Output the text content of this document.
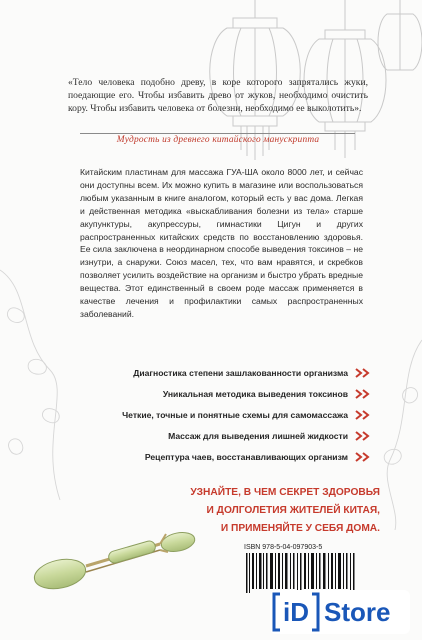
«Тело человека подобно древу, в коре которого запрятались жуки, поедающие его. Чтобы избавить древо от жуков, необходимо очистить кору. Чтобы избавить человека от болезни, необходимо ее выколотить».

Мудрость из древнего китайского манускрипта

Китайским пластинам для массажа ГУА-ША около 8000 лет, и сейчас они доступны всем. Их можно купить в магазине или воспользоваться любым указанным в книге аналогом, который есть у вас дома. Легкая и действенная методика «выскабливания болезни из тела» старше акупунктуры, акупрессуры, гимнастики Цигун и других распространенных китайских средств по восстановлению здоровья. Ее сила заключена в неординарном способе выведения токсинов – не изнутри, а снаружи. Союз масел, тех, что вам нравятся, и скребков позволяет усилить воздействие на организм и быстро убрать вредные вещества. Этот единственный в своем роде массаж применяется в качестве лечения и профилактики самых распространенных заболеваний.

Диагностика степени зашлакованности организма
Уникальная методика выведения токсинов
Четкие, точные и понятные схемы для самомассажа
Массаж для выведения лишней жидкости
Рецептура чаев, восстанавливающих организм
УЗНАЙТЕ, В ЧЕМ СЕКРЕТ ЗДОРОВЬЯ
И ДОЛГОЛЕТИЯ ЖИТЕЛЕЙ КИТАЯ,
И ПРИМЕНЯЙТЕ У СЕБЯ ДОМА.
ISBN 978-5-04-097903-5
iD Store
